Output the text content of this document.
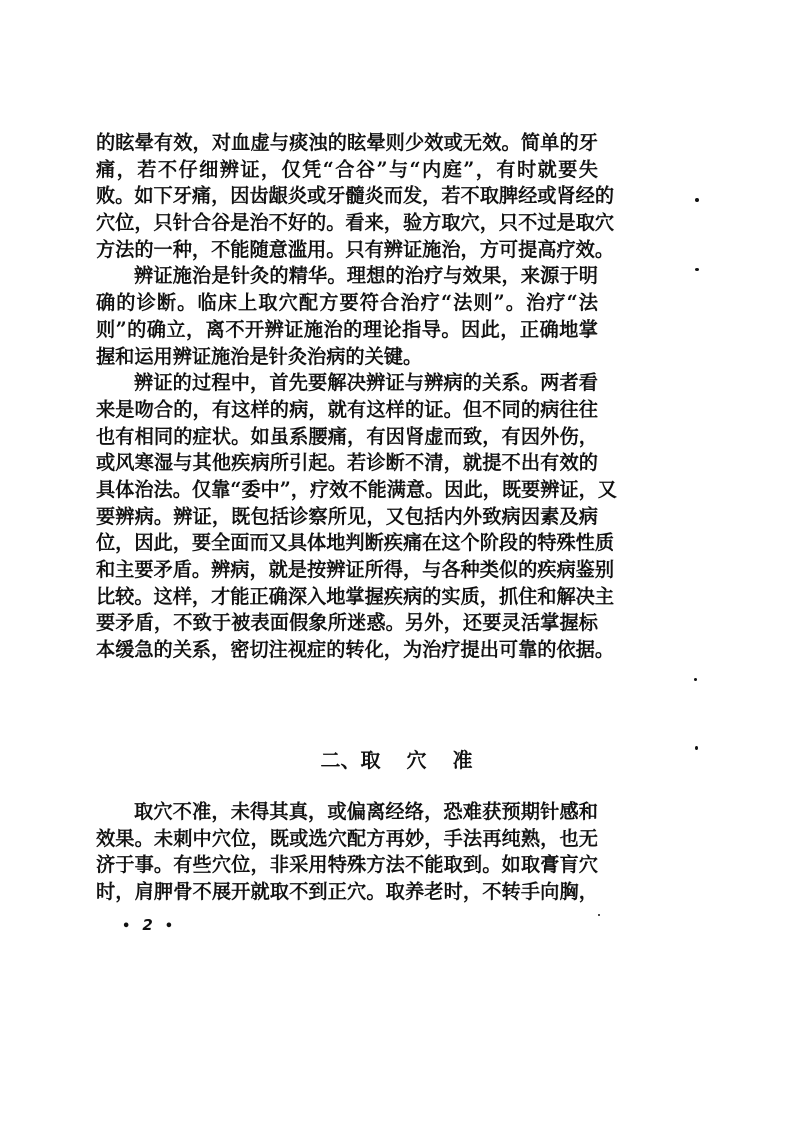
的眩晕有效，对血虚与痰浊的眩晕则少效或无效。简单的牙
痛，若不仔细辨证，仅凭“合谷”与“内庭”，有时就要失
败。如下牙痛，因齿龈炎或牙髓炎而发，若不取脾经或肾经的
穴位，只针合谷是治不好的。看来，验方取穴，只不过是取穴
方法的一种，不能随意滥用。只有辨证施治，方可提高疗效。
辨证施治是针灸的精华。理想的治疗与效果，来源于明
确的诊断。临床上取穴配方要符合治疗“法则”。治疗“法
则”的确立，离不开辨证施治的理论指导。因此，正确地掌
握和运用辨证施治是针灸治病的关键。
辨证的过程中，首先要解决辨证与辨病的关系。两者看
来是吻合的，有这样的病，就有这样的证。但不同的病往往
也有相同的症状。如虽系腰痛，有因肾虚而致，有因外伤，
或风寒湿与其他疾病所引起。若诊断不清，就提不出有效的
具体治法。仅靠“委中”，疗效不能满意。因此，既要辨证，又
要辨病。辨证，既包括诊察所见，又包括内外致病因素及病
位，因此，要全面而又具体地判断疾痛在这个阶段的特殊性质
和主要矛盾。辨病，就是按辨证所得，与各种类似的疾病鉴别
比较。这样，才能正确深入地掌握疾病的实质，抓住和解决主
要矛盾，不致于被表面假象所迷惑。另外，还要灵活掌握标
本缓急的关系，密切注视症的转化，为治疗提出可靠的依据。
二、取 穴 准
取穴不准，未得其真，或偏离经络，恐难获预期针感和
效果。未刺中穴位，既或选穴配方再妙，手法再纯熟，也无
济于事。有些穴位，非采用特殊方法不能取到。如取膏肓穴
时，肩胛骨不展开就取不到正穴。取养老时，不转手向胸，
• 2 •
